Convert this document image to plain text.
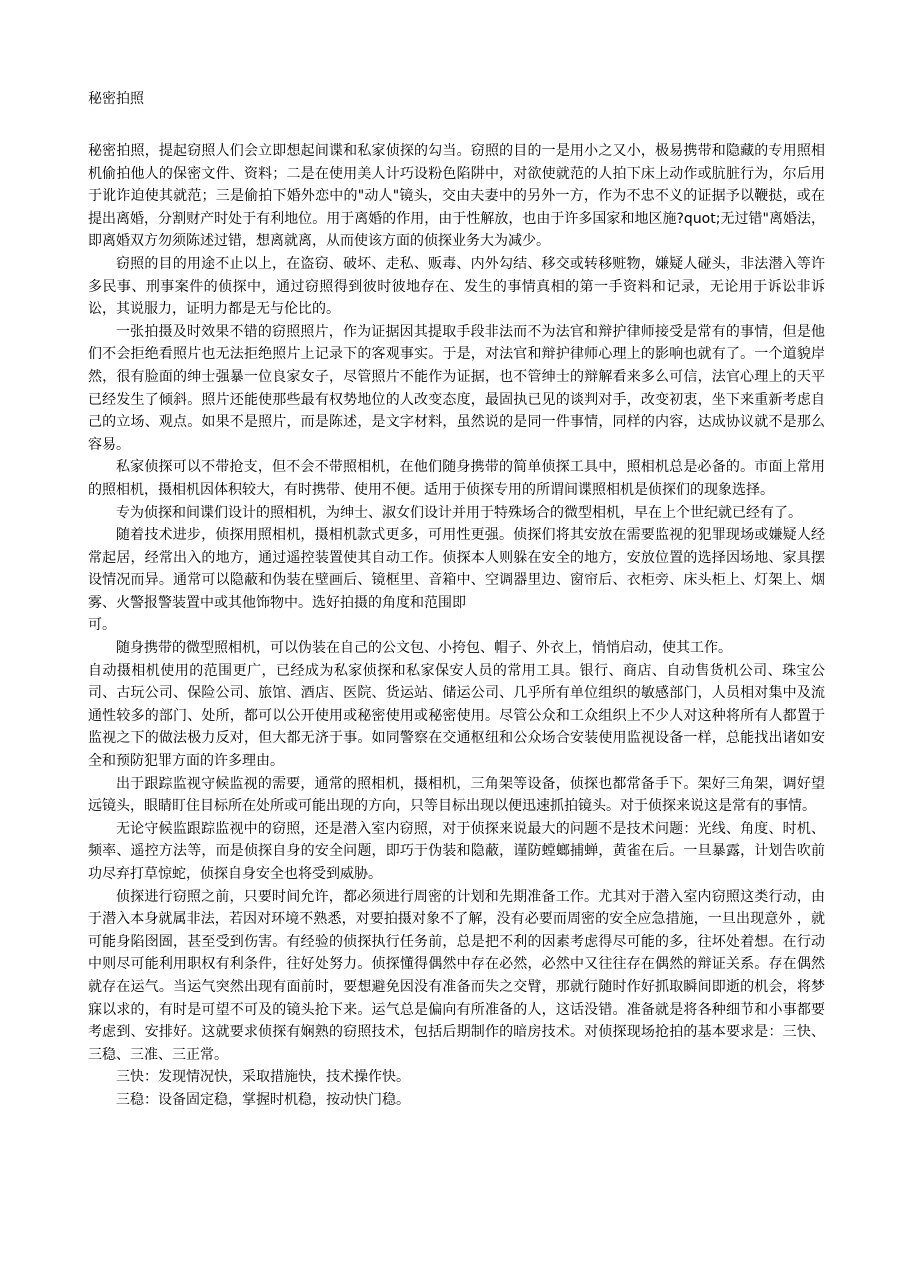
秘密拍照

秘密拍照，提起窃照人们会立即想起间谍和私家侦探的勾当。窃照的目的一是用小之又小，极易携带和隐藏的专用照相机偷拍他人的保密文件、资料；二是在使用美人计巧设粉色陷阱中，对欲使就范的人拍下床上动作或肮脏行为，尔后用于讹诈迫使其就范；三是偷拍下婚外恋中的"动人"镜头，交由夫妻中的另外一方，作为不忠不义的证据予以鞭挞，或在提出离婚，分割财产时处于有利地位。用于离婚的作用，由于性解放，也由于许多国家和地区施?quot;无过错"离婚法，即离婚双方勿须陈述过错，想离就离，从而使该方面的侦探业务大为减少。

窃照的目的用途不止以上，在盗窃、破坏、走私、贩毒、内外勾结、移交或转移赃物，嫌疑人碰头，非法潜入等许多民事、刑事案件的侦探中，通过窃照得到彼时彼地存在、发生的事情真相的第一手资料和记录，无论用于诉讼非诉讼，其说服力，证明力都是无与伦比的。

一张拍摄及时效果不错的窃照照片，作为证据因其提取手段非法而不为法官和辩护律师接受是常有的事情，但是他们不会拒绝看照片也无法拒绝照片上记录下的客观事实。于是，对法官和辩护律师心理上的影响也就有了。一个道貌岸然，很有脸面的绅士强暴一位良家女子，尽管照片不能作为证据，也不管绅士的辩解看来多么可信，法官心理上的天平已经发生了倾斜。照片还能使那些最有权势地位的人改变态度，最固执已见的谈判对手，改变初衷，坐下来重新考虑自己的立场、观点。如果不是照片，而是陈述，是文字材料，虽然说的是同一件事情，同样的内容，达成协议就不是那么容易。

私家侦探可以不带抢支，但不会不带照相机，在他们随身携带的简单侦探工具中，照相机总是必备的。市面上常用的照相机，摄相机因体积较大，有时携带、使用不便。适用于侦探专用的所谓间谍照相机是侦探们的现象选择。

专为侦探和间谍们设计的照相机，为绅士、淑女们设计并用于特殊场合的微型相机，早在上个世纪就已经有了。

随着技术进步，侦探用照相机，摄相机款式更多，可用性更强。侦探们将其安放在需要监视的犯罪现场或嫌疑人经常起居，经常出入的地方，通过遥控装置使其自动工作。侦探本人则躲在安全的地方，安放位置的选择因场地、家具摆设情况而异。通常可以隐蔽和伪装在壁画后、镜框里、音箱中、空调器里边、窗帘后、衣柜旁、床头柜上、灯架上、烟雾、火警报警装置中或其他饰物中。选好拍摄的角度和范围即

可。

随身携带的微型照相机，可以伪装在自己的公文包、小挎包、帽子、外衣上，悄悄启动，使其工作。

自动摄相机使用的范围更广，已经成为私家侦探和私家保安人员的常用工具。银行、商店、自动售货机公司、珠宝公司、古玩公司、保险公司、旅馆、酒店、医院、货运站、储运公司、几乎所有单位组织的敏感部门，人员相对集中及流通性较多的部门、处所，都可以公开使用或秘密使用或秘密使用。尽管公众和工众组织上不少人对这种将所有人都置于监视之下的做法极力反对，但大都无济于事。如同警察在交通枢纽和公众场合安装使用监视设备一样，总能找出诸如安全和预防犯罪方面的许多理由。

出于跟踪监视守候监视的需要，通常的照相机，摄相机，三角架等设备，侦探也都常备手下。架好三角架，调好望远镜头，眼睛盯住目标所在处所或可能出现的方向，只等目标出现以便迅速抓拍镜头。对于侦探来说这是常有的事情。

无论守候监跟踪监视中的窃照，还是潜入室内窃照，对于侦探来说最大的问题不是技术问题：光线、角度、时机、频率、遥控方法等，而是侦探自身的安全问题，即巧于伪装和隐蔽，谨防螳螂捕蝉，黄雀在后。一旦暴露，计划告吹前功尽弃打草惊蛇，侦探自身安全也将受到威胁。

侦探进行窃照之前，只要时间允许，都必须进行周密的计划和先期准备工作。尤其对于潜入室内窃照这类行动，由于潜入本身就属非法，若因对环境不熟悉，对要拍摄对象不了解，没有必要而周密的安全应急措施，一旦出现意外 ，就可能身陷囹圄，甚至受到伤害。有经验的侦探执行任务前，总是把不利的因素考虑得尽可能的多，往坏处着想。在行动中则尽可能利用职权有利条件，往好处努力。侦探懂得偶然中存在必然，必然中又往往存在偶然的辩证关系。存在偶然就存在运气。当运气突然出现有面前时，要想避免因没有准备而失之交臂，那就行随时作好抓取瞬间即逝的机会，将梦寐以求的，有时是可望不可及的镜头抢下来。运气总是偏向有所准备的人，这话没错。准备就是将各种细节和小事都要考虑到、安排好。这就要求侦探有娴熟的窃照技术，包括后期制作的暗房技术。对侦探现场抢拍的基本要求是：三快、三稳、三准、三正常。

三快：发现情况快，采取措施快，技术操作快。

三稳：设备固定稳，掌握时机稳，按动快门稳。
